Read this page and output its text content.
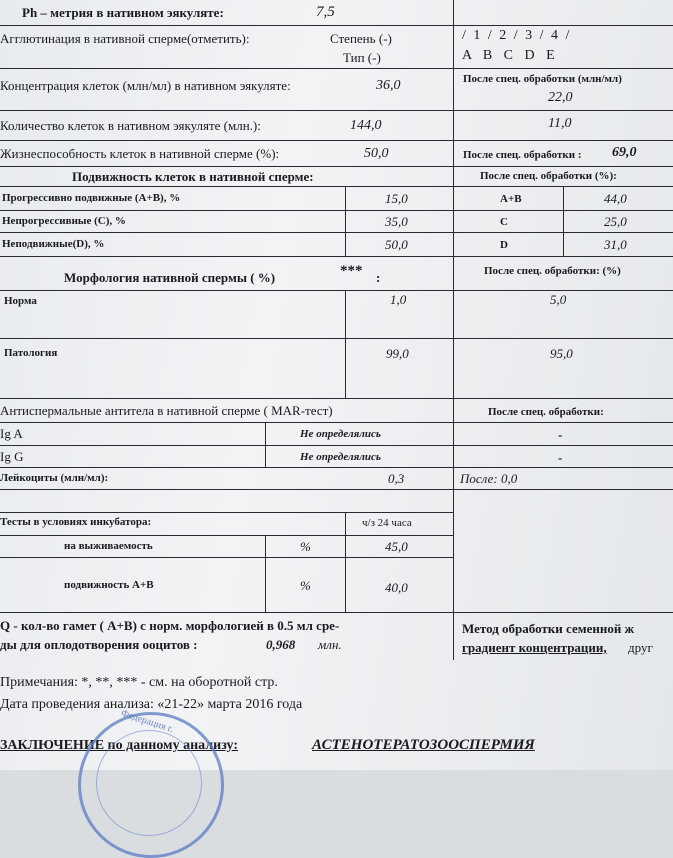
Ph – метрия в нативном эякуляте:	7,5
Агглютинация в нативной сперме(отметить):	Степень (-)
Тип (-)
/ 1 / 2 / 3 / 4 /
A B C D E
Концентрация клеток (млн/мл) в нативном эякуляте:	36,0	После спец. обработки (млн/мл)
22,0
Количество клеток в нативном эякуляте (млн.):	144,0	11,0
Жизнеспособность клеток в нативной сперме (%):	50,0	После спец. обработки : 69,0
Подвижность клеток в нативной сперме:	После спец. обработки (%):
Прогрессивно подвижные (А+В), %	15,0	А+В	44,0
Непрогрессивные (С), %	35,0	С	25,0
Неподвижные(D), %	50,0	D	31,0
Морфология нативной спермы ( %)	*** :	После спец. обработки: (%)
Норма	1,0	5,0
Патология	99,0	95,0
Антиспермальные антитела в нативной сперме ( MAR-тест)	После спец. обработки:
Ig A	Не определялись	-
Ig G	Не определялись	-
Лейкоциты (млн/мл):	0,3	После: 0,0
Тесты в условиях инкубатора:	ч/з 24 часа
на выживаемость	%	45,0
подвижность А+В	%	40,0
Q - кол-во гамет ( А+В) с норм. морфологией в 0.5 мл сре-
ды для оплодотворения ооцитов :	0,968 млн.
Метод обработки семенной ж
градиент концентрации, друг
Примечания: *, **, *** - см. на оборотной стр.
Дата проведения анализа: «21-22» марта 2016 года
ЗАКЛЮЧЕНИЕ по данному анализу:	АСТЕНОТЕРАТОЗООСПЕРМИЯ
Федерация г.
